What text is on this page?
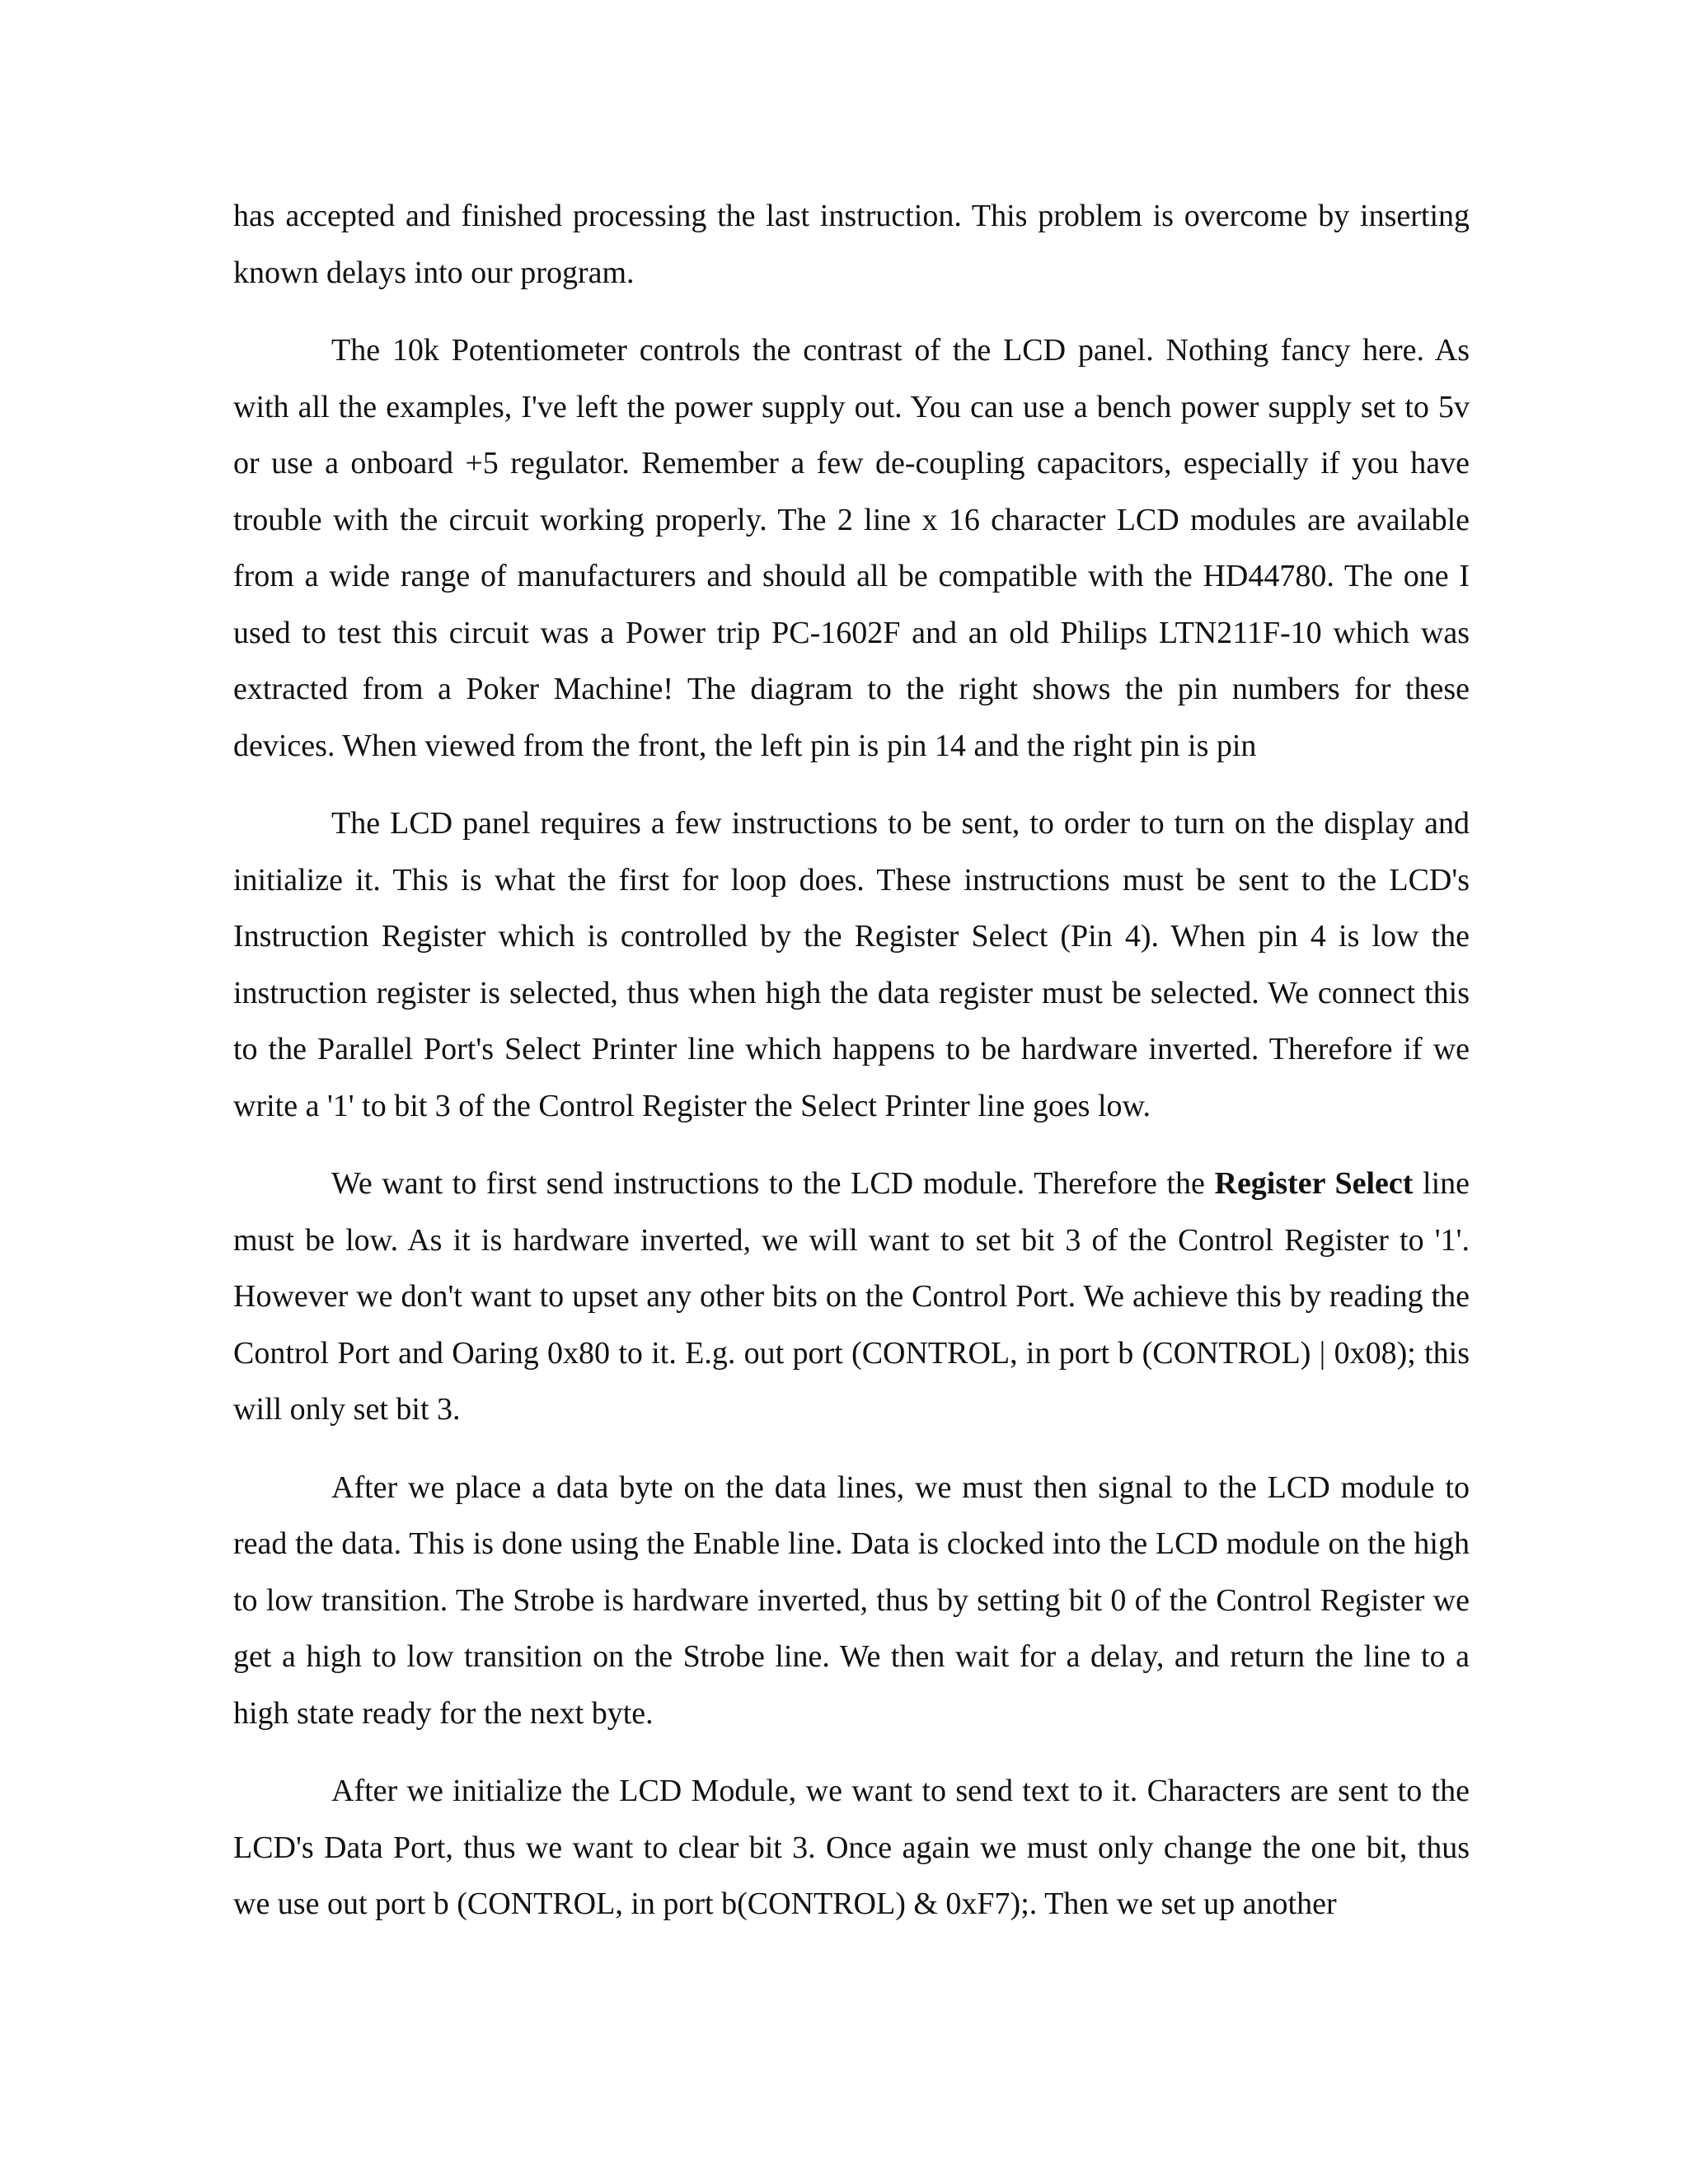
has accepted and finished processing the last instruction. This problem is overcome by inserting known delays into our program.

The 10k Potentiometer controls the contrast of the LCD panel. Nothing fancy here. As with all the examples, I've left the power supply out. You can use a bench power supply set to 5v or use a onboard +5 regulator. Remember a few de-coupling capacitors, especially if you have trouble with the circuit working properly. The 2 line x 16 character LCD modules are available from a wide range of manufacturers and should all be compatible with the HD44780. The one I used to test this circuit was a Power trip PC-1602F and an old Philips LTN211F-10 which was extracted from a Poker Machine! The diagram to the right shows the pin numbers for these devices. When viewed from the front, the left pin is pin 14 and the right pin is pin

The LCD panel requires a few instructions to be sent, to order to turn on the display and initialize it. This is what the first for loop does. These instructions must be sent to the LCD's Instruction Register which is controlled by the Register Select (Pin 4). When pin 4 is low the instruction register is selected, thus when high the data register must be selected. We connect this to the Parallel Port's Select Printer line which happens to be hardware inverted. Therefore if we write a '1' to bit 3 of the Control Register the Select Printer line goes low.

We want to first send instructions to the LCD module. Therefore the Register Select line must be low. As it is hardware inverted, we will want to set bit 3 of the Control Register to '1'. However we don't want to upset any other bits on the Control Port. We achieve this by reading the Control Port and Oaring 0x80 to it. E.g. out port (CONTROL, in port b (CONTROL) | 0x08); this will only set bit 3.

After we place a data byte on the data lines, we must then signal to the LCD module to read the data. This is done using the Enable line. Data is clocked into the LCD module on the high to low transition. The Strobe is hardware inverted, thus by setting bit 0 of the Control Register we get a high to low transition on the Strobe line. We then wait for a delay, and return the line to a high state ready for the next byte.

After we initialize the LCD Module, we want to send text to it. Characters are sent to the LCD's Data Port, thus we want to clear bit 3. Once again we must only change the one bit, thus we use out port b (CONTROL, in port b(CONTROL) & 0xF7);. Then we set up another
